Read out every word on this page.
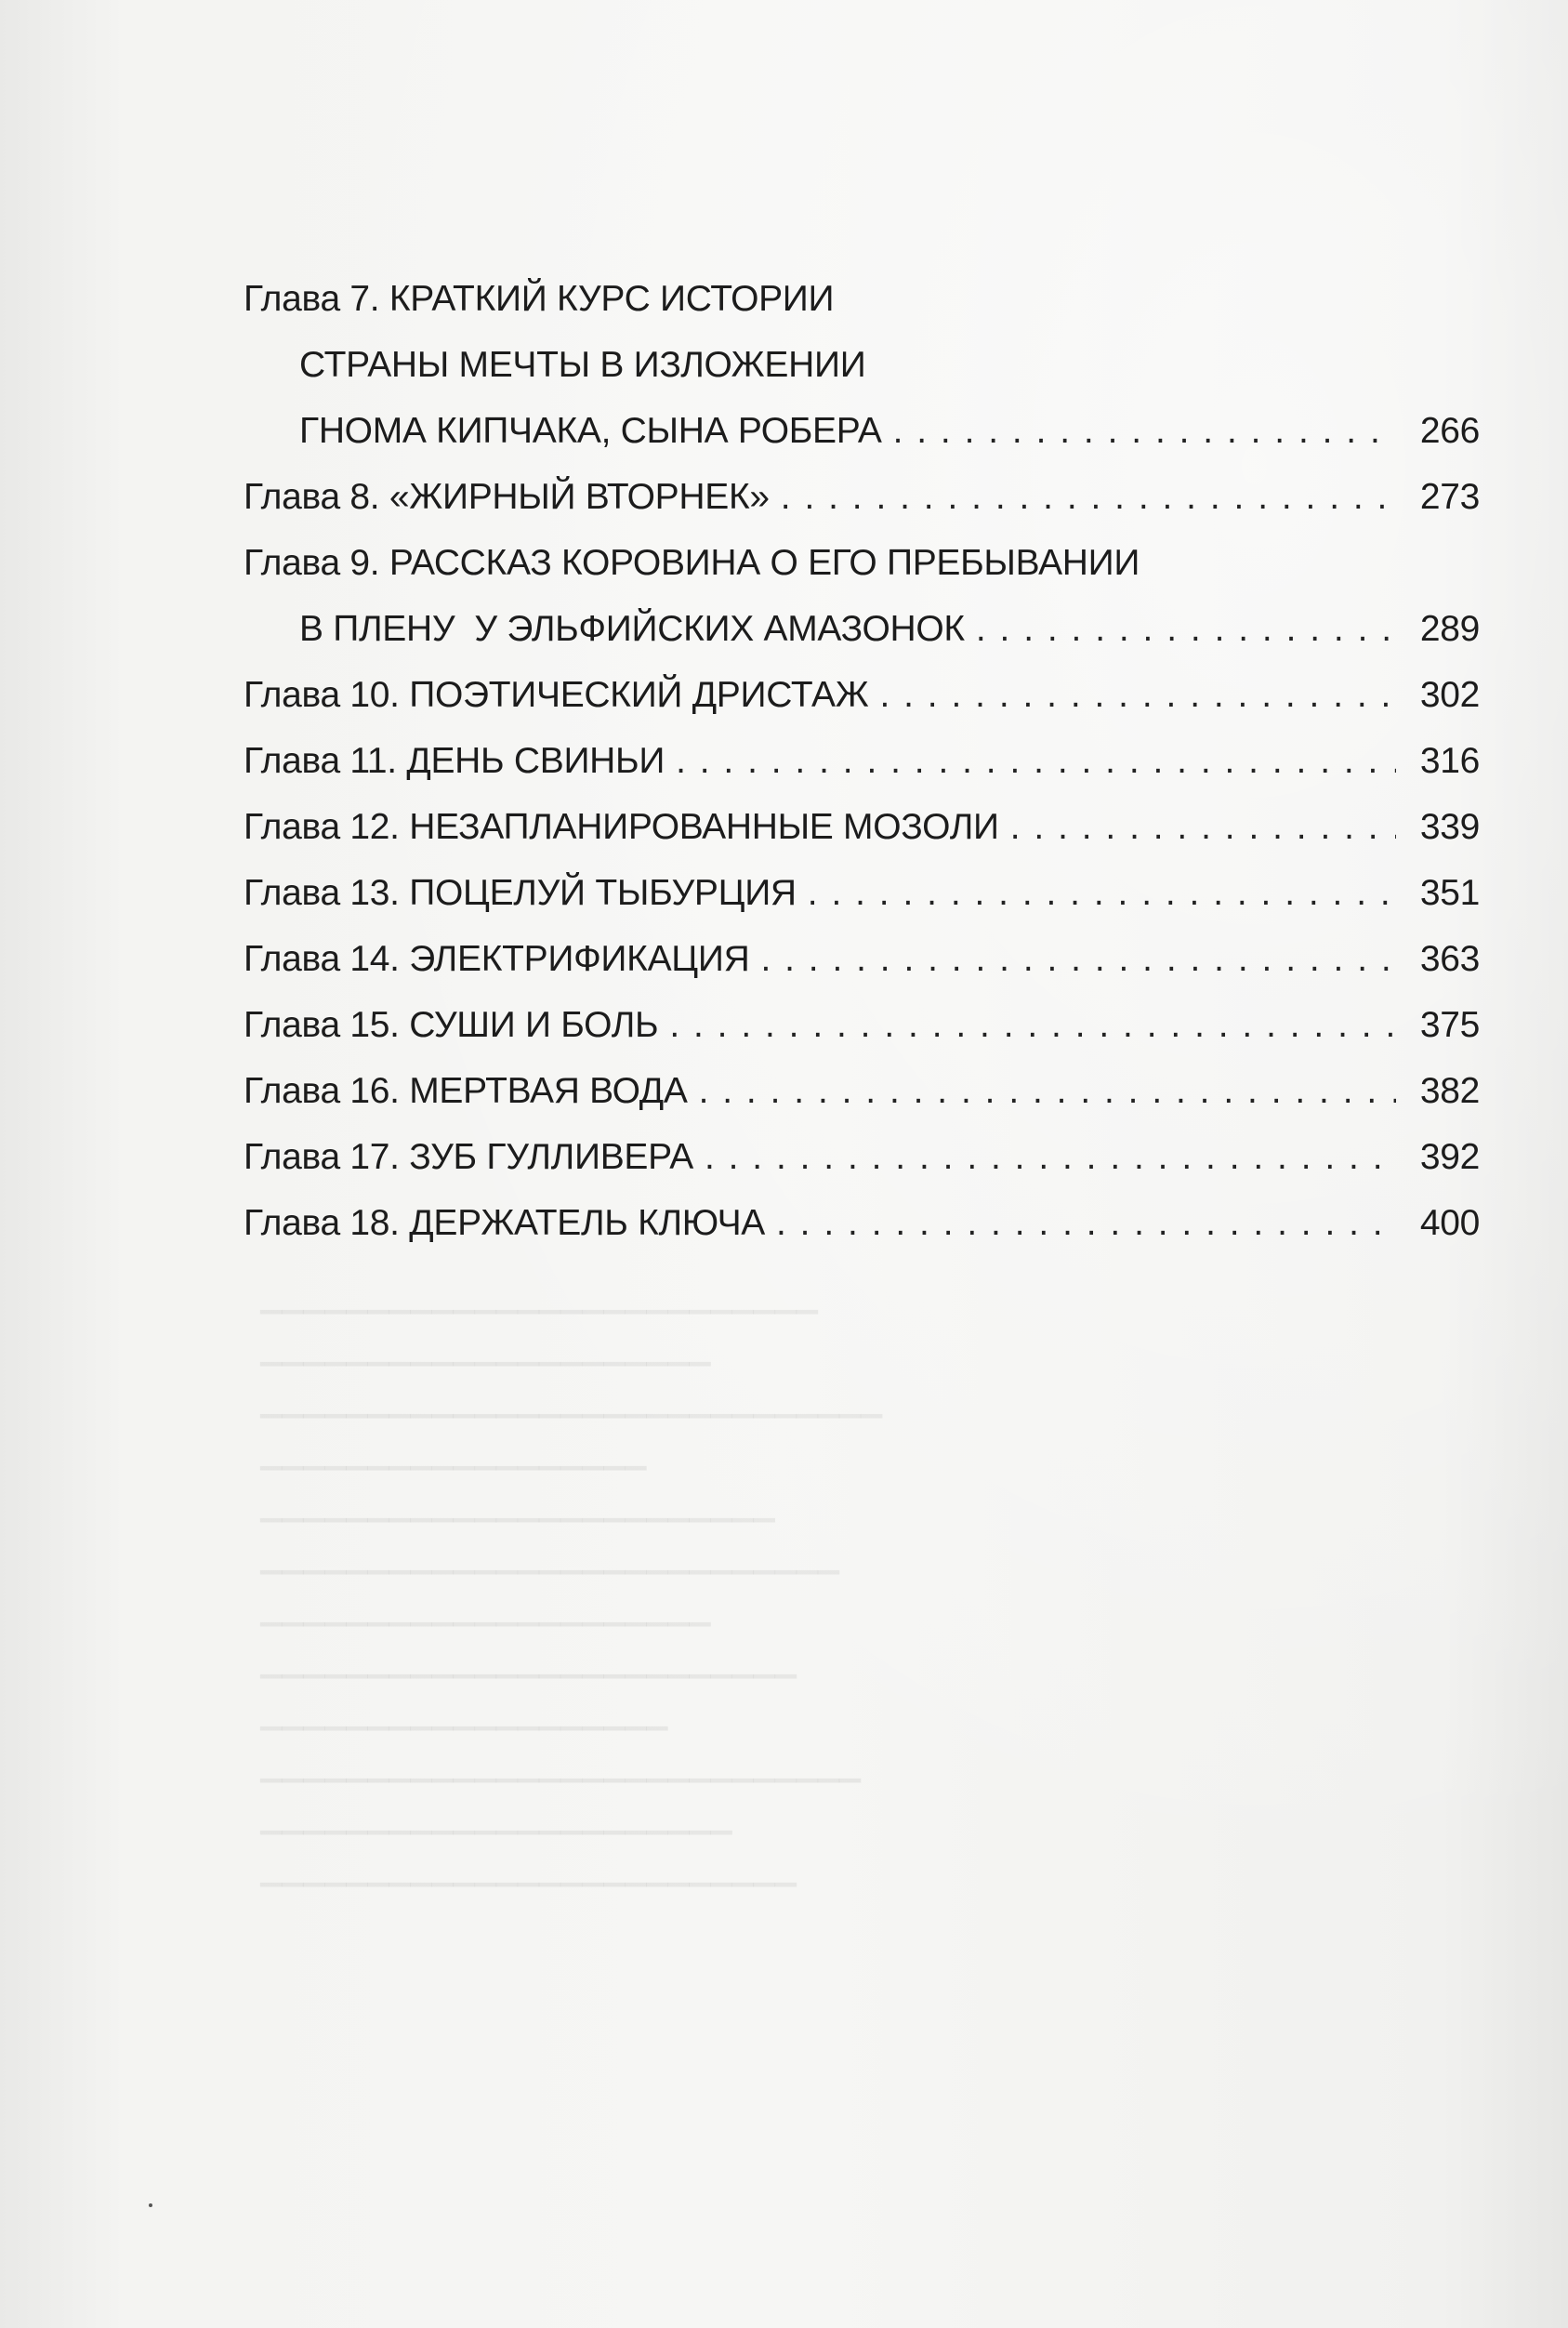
▔▔▔▔▔▔▔▔▔▔▔▔▔▔▔▔▔▔▔▔▔▔▔▔▔▔
▔▔▔▔▔▔▔▔▔▔▔▔▔▔▔▔▔▔▔▔▔
▔▔▔▔▔▔▔▔▔▔▔▔▔▔▔▔▔▔▔▔▔▔▔▔▔▔▔▔▔
▔▔▔▔▔▔▔▔▔▔▔▔▔▔▔▔▔▔
▔▔▔▔▔▔▔▔▔▔▔▔▔▔▔▔▔▔▔▔▔▔▔▔
▔▔▔▔▔▔▔▔▔▔▔▔▔▔▔▔▔▔▔▔▔▔▔▔▔▔▔
▔▔▔▔▔▔▔▔▔▔▔▔▔▔▔▔▔▔▔▔▔
▔▔▔▔▔▔▔▔▔▔▔▔▔▔▔▔▔▔▔▔▔▔▔▔▔
▔▔▔▔▔▔▔▔▔▔▔▔▔▔▔▔▔▔▔
▔▔▔▔▔▔▔▔▔▔▔▔▔▔▔▔▔▔▔▔▔▔▔▔▔▔▔▔
▔▔▔▔▔▔▔▔▔▔▔▔▔▔▔▔▔▔▔▔▔▔
▔▔▔▔▔▔▔▔▔▔▔▔▔▔▔▔▔▔▔▔▔▔▔▔▔
Глава 7. КРАТКИЙ КУРС ИСТОРИИ
СТРАНЫ МЕЧТЫ В ИЗЛОЖЕНИИ
ГНОМА КИПЧАКА, СЫНА РОБЕРА . . .	266
Глава 8. «ЖИРНЫЙ ВТОРНЕК» . . .	273
Глава 9. РАССКАЗ КОРОВИНА О ЕГО ПРЕБЫВАНИИ
В ПЛЕНУ  У ЭЛЬФИЙСКИХ АМАЗОНОК . . .	289
Глава 10. ПОЭТИЧЕСКИЙ ДРИСТАЖ . . .	302
Глава 11. ДЕНЬ СВИНЬИ . . .	316
Глава 12. НЕЗАПЛАНИРОВАННЫЕ МОЗОЛИ . . .	339
Глава 13. ПОЦЕЛУЙ ТЫБУРЦИЯ . . .	351
Глава 14. ЭЛЕКТРИФИКАЦИЯ . . .	363
Глава 15. СУШИ И БОЛЬ . . .	375
Глава 16. МЕРТВАЯ ВОДА . . .	382
Глава 17. ЗУБ ГУЛЛИВЕРА . . .	392
Глава 18. ДЕРЖАТЕЛЬ КЛЮЧА . . .	400
